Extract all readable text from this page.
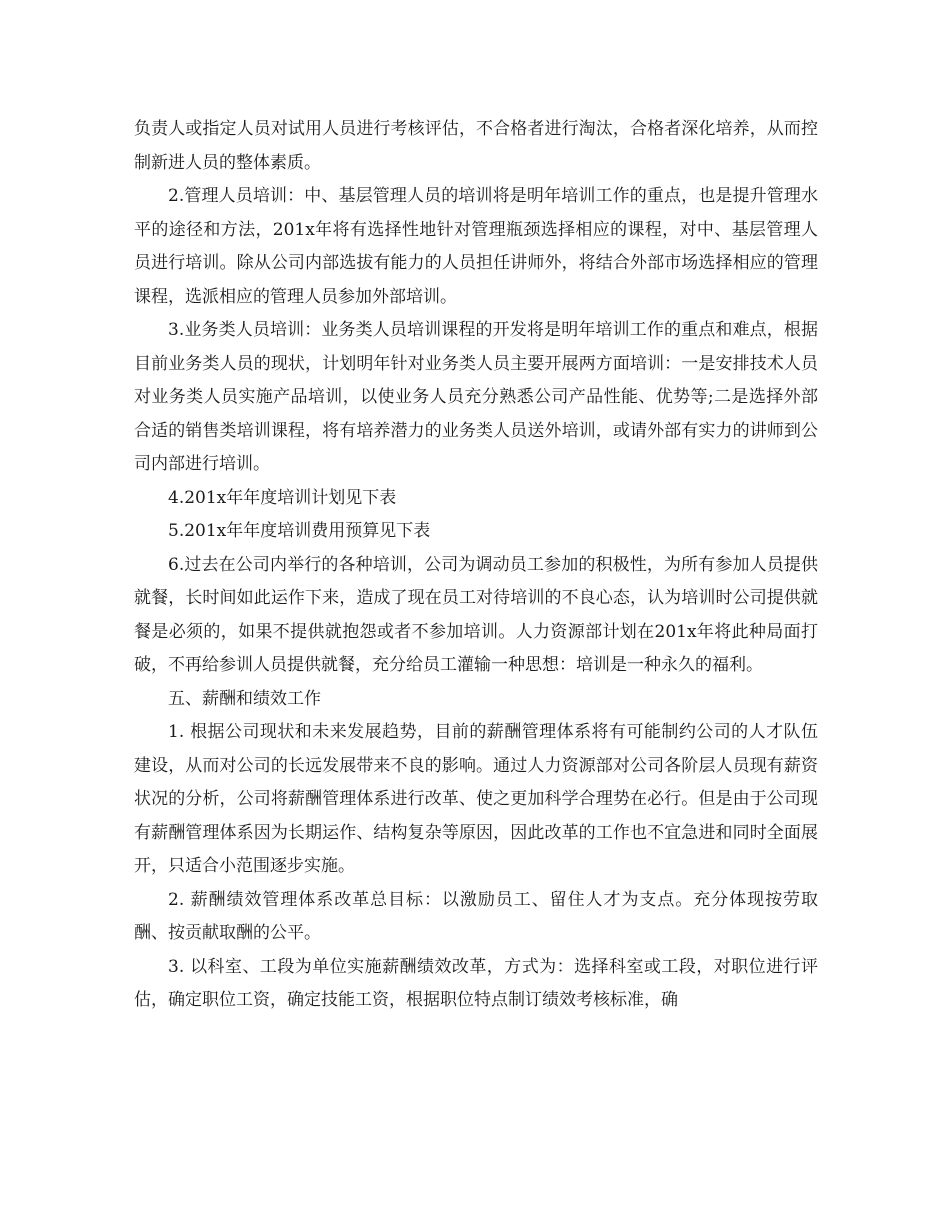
负责人或指定人员对试用人员进行考核评估，不合格者进行淘汰，合格者深化培养，从而控制新进人员的整体素质。

2.管理人员培训：中、基层管理人员的培训将是明年培训工作的重点，也是提升管理水平的途径和方法，201x年将有选择性地针对管理瓶颈选择相应的课程，对中、基层管理人员进行培训。除从公司内部选拔有能力的人员担任讲师外，将结合外部市场选择相应的管理课程，选派相应的管理人员参加外部培训。

3.业务类人员培训：业务类人员培训课程的开发将是明年培训工作的重点和难点，根据目前业务类人员的现状，计划明年针对业务类人员主要开展两方面培训：一是安排技术人员对业务类人员实施产品培训，以使业务人员充分熟悉公司产品性能、优势等;二是选择外部合适的销售类培训课程，将有培养潜力的业务类人员送外培训，或请外部有实力的讲师到公司内部进行培训。

4.201x年年度培训计划见下表

5.201x年年度培训费用预算见下表

6.过去在公司内举行的各种培训，公司为调动员工参加的积极性，为所有参加人员提供就餐，长时间如此运作下来，造成了现在员工对待培训的不良心态，认为培训时公司提供就餐是必须的，如果不提供就抱怨或者不参加培训。人力资源部计划在201x年将此种局面打破，不再给参训人员提供就餐，充分给员工灌输一种思想：培训是一种永久的福利。

五、薪酬和绩效工作

1. 根据公司现状和未来发展趋势，目前的薪酬管理体系将有可能制约公司的人才队伍建设，从而对公司的长远发展带来不良的影响。通过人力资源部对公司各阶层人员现有薪资状况的分析，公司将薪酬管理体系进行改革、使之更加科学合理势在必行。但是由于公司现有薪酬管理体系因为长期运作、结构复杂等原因，因此改革的工作也不宜急进和同时全面展开，只适合小范围逐步实施。

2. 薪酬绩效管理体系改革总目标：以激励员工、留住人才为支点。充分体现按劳取酬、按贡献取酬的公平。

3. 以科室、工段为单位实施薪酬绩效改革，方式为：选择科室或工段，对职位进行评估，确定职位工资，确定技能工资，根据职位特点制订绩效考核标准，确
